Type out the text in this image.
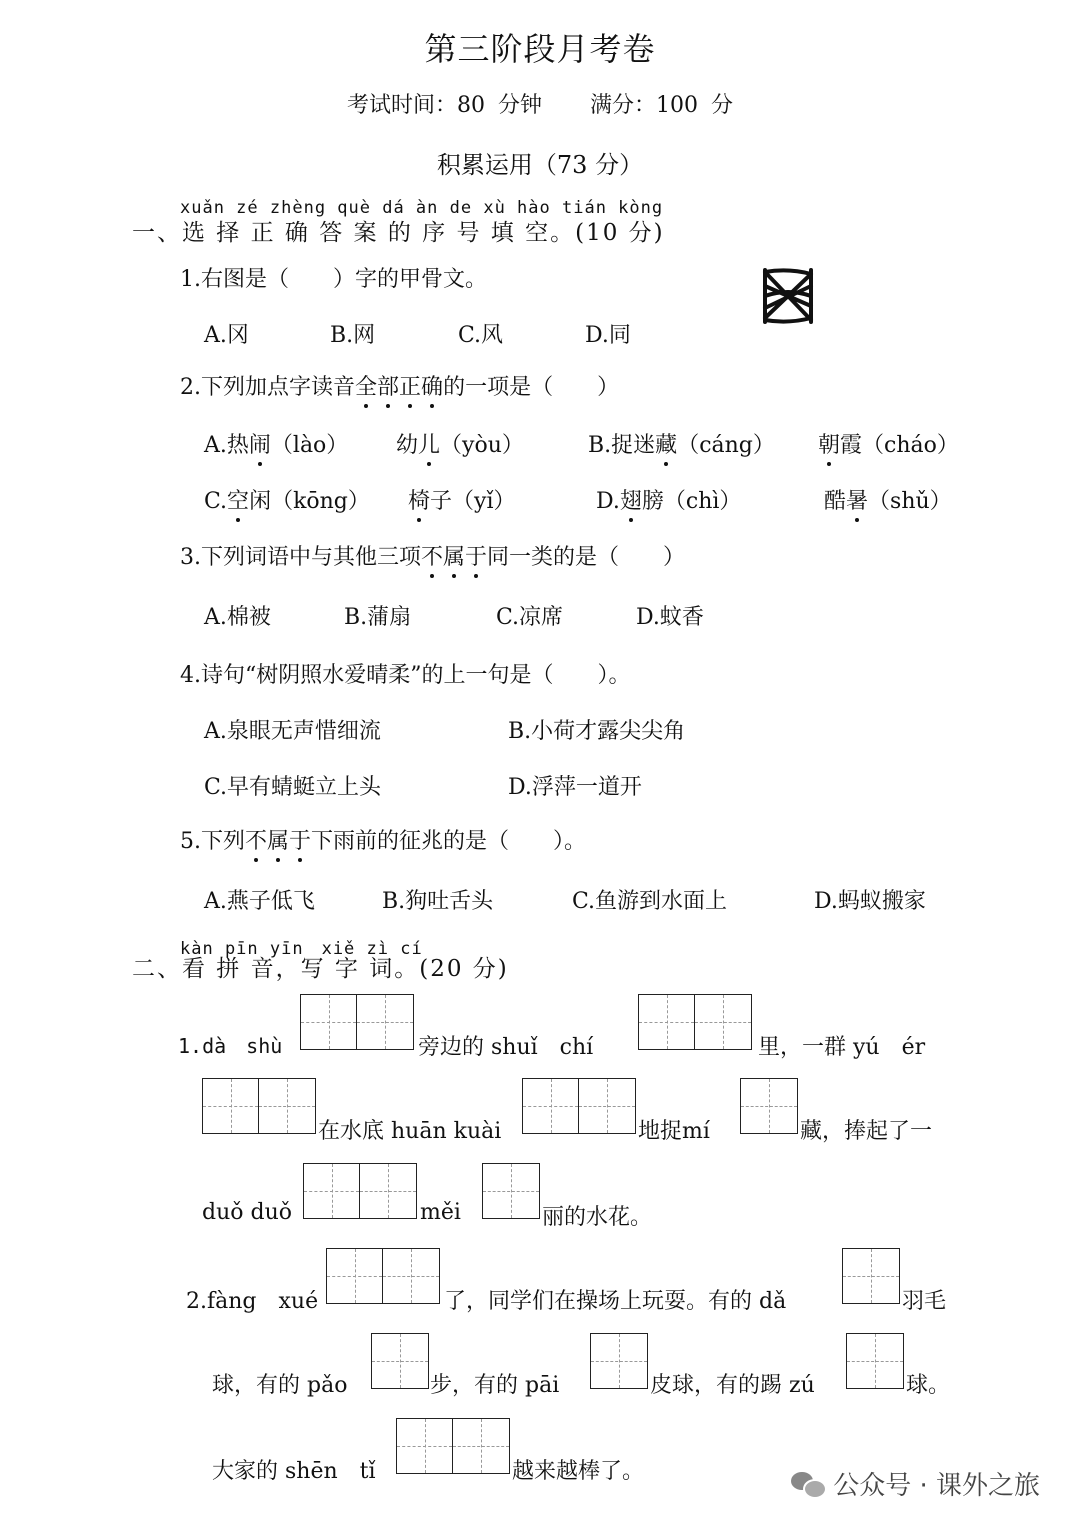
第三阶段月考卷
考试时间：80 分钟 满分：100 分
积累运用（73 分）
xuǎn zé zhèng què dá àn de xù hào tián kòng
一、选 择 正 确 答 案 的 序 号 填 空。(10 分)
1.右图是（　　）字的甲骨文。
A.冈	B.网	C.风	D.同
2.下列加点字读音全部正确的一项是（　　）
A.热闹（lào） 幼儿（yòu）	B.捉迷藏（cáng） 朝霞（cháo）
C.空闲（kōng） 椅子（yǐ）	D.翅膀（chì）	酷暑（shǔ）
3.下列词语中与其他三项不属于同一类的是（　　）
A.棉被	B.蒲扇	C.凉席	D.蚊香
4.诗句“树阴照水爱晴柔”的上一句是（　　）。
A.泉眼无声惜细流	B.小荷才露尖尖角
C.早有蜻蜓立上头	D.浮萍一道开
5.下列不属于下雨前的征兆的是（　　）。
A.燕子低飞	B.狗吐舌头	C.鱼游到水面上	D.蚂蚁搬家
kàn pīn yīn　xiě zì cí
二、看 拼 音，写 字 词。(20 分)
1.dà　shù	旁边的 shuǐ　chí	里，一群 yú　ér
在水底 huān kuài	地捉mí	藏，捧起了一
duǒ duǒ	měi	丽的水花。
2.fàng　xué	了，同学们在操场上玩耍。有的 dǎ	羽毛
球，有的 pǎo	步，有的 pāi	皮球，有的踢 zú	球。
大家的 shēn　tǐ	越来越棒了。	公众号 · 课外之旅
